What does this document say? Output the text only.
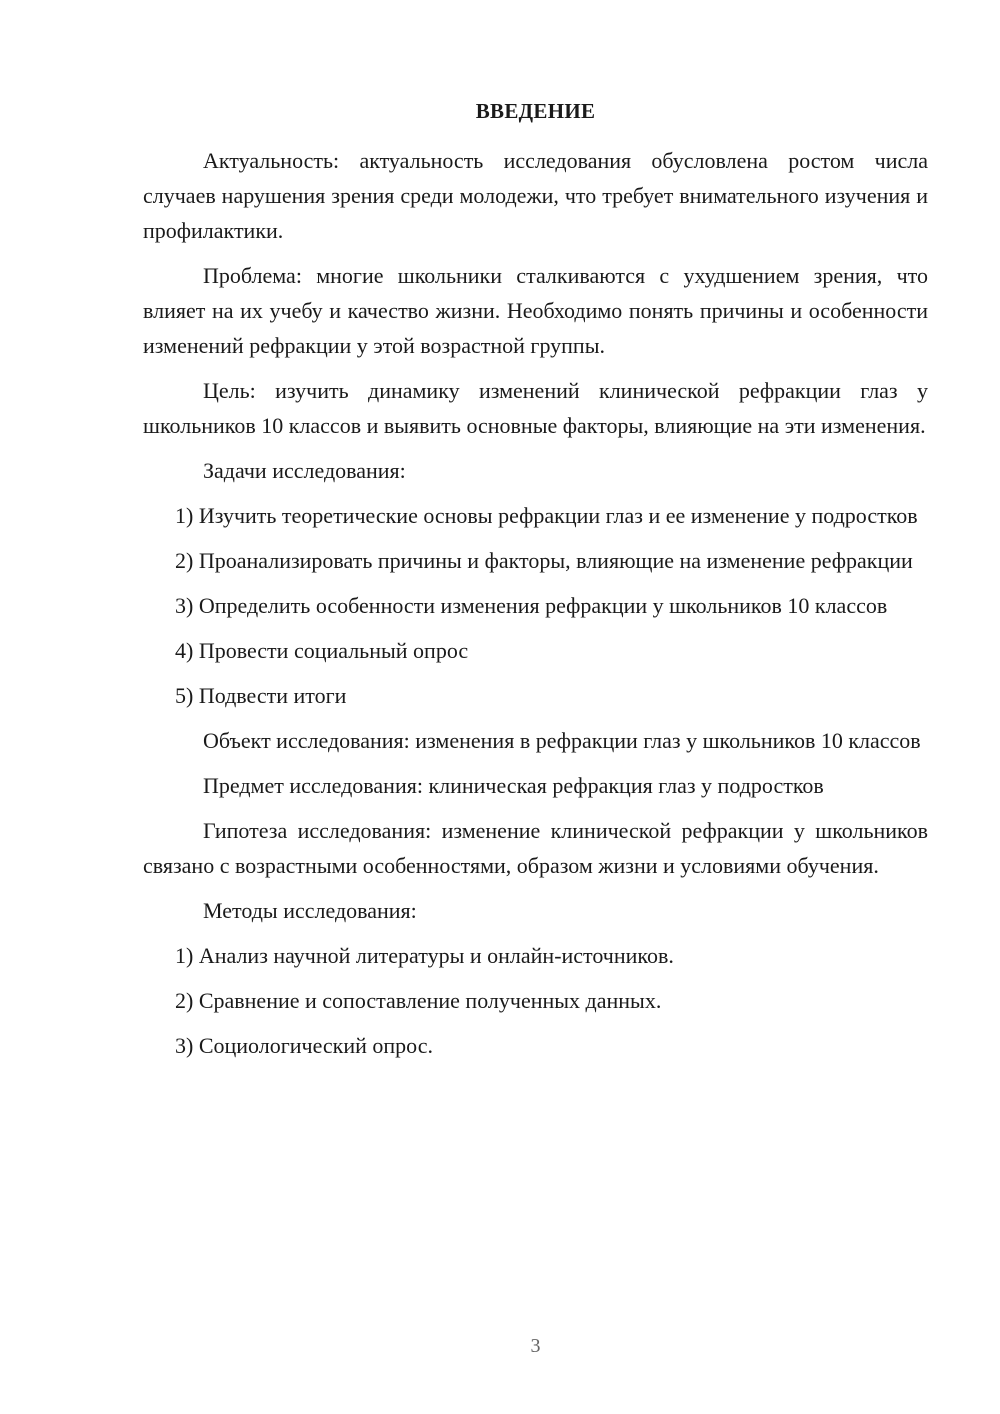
ВВЕДЕНИЕ

Актуальность: актуальность исследования обусловлена ростом числа случаев нарушения зрения среди молодежи, что требует внимательного изучения и профилактики.

Проблема: многие школьники сталкиваются с ухудшением зрения, что влияет на их учебу и качество жизни. Необходимо понять причины и особенности изменений рефракции у этой возрастной группы.

Цель: изучить динамику изменений клинической рефракции глаз у школьников 10 классов и выявить основные факторы, влияющие на эти изменения.

Задачи исследования:

1) Изучить теоретические основы рефракции глаз и ее изменение у подростков

2) Проанализировать причины и факторы, влияющие на изменение рефракции

3) Определить особенности изменения рефракции у школьников 10 классов

4) Провести социальный опрос

5) Подвести итоги

Объект исследования: изменения в рефракции глаз у школьников 10 классов

Предмет исследования: клиническая рефракция глаз у подростков

Гипотеза исследования: изменение клинической рефракции у школьников связано с возрастными особенностями, образом жизни и условиями обучения.

Методы исследования:

1) Анализ научной литературы и онлайн-источников.

2) Сравнение и сопоставление полученных данных.

3) Социологический опрос.

3
